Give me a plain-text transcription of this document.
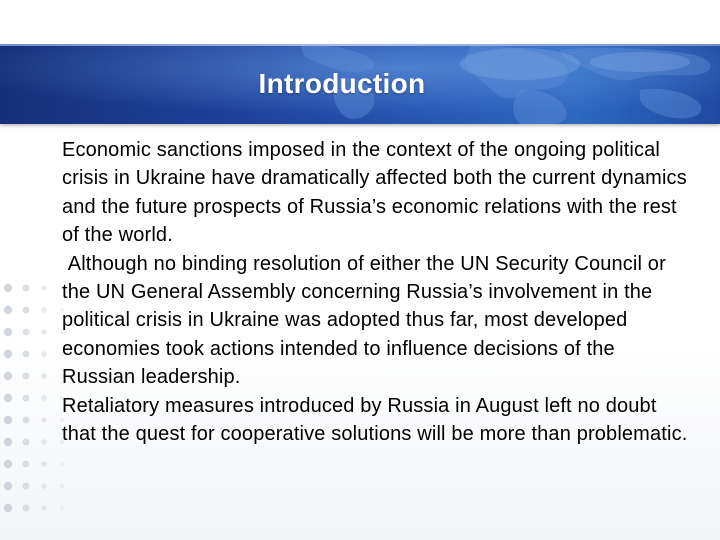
Introduction

Economic sanctions imposed in the context of the ongoing political crisis in Ukraine have dramatically affected both the current dynamics and the future prospects of Russia’s economic relations with the rest of the world.

Although no binding resolution of either the UN Security Council or the UN General Assembly concerning Russia’s involvement in the political crisis in Ukraine was adopted thus far, most developed economies took actions intended to influence decisions of the Russian leadership.

Retaliatory measures introduced by Russia in August left no doubt that the quest for cooperative solutions will be more than problematic.
